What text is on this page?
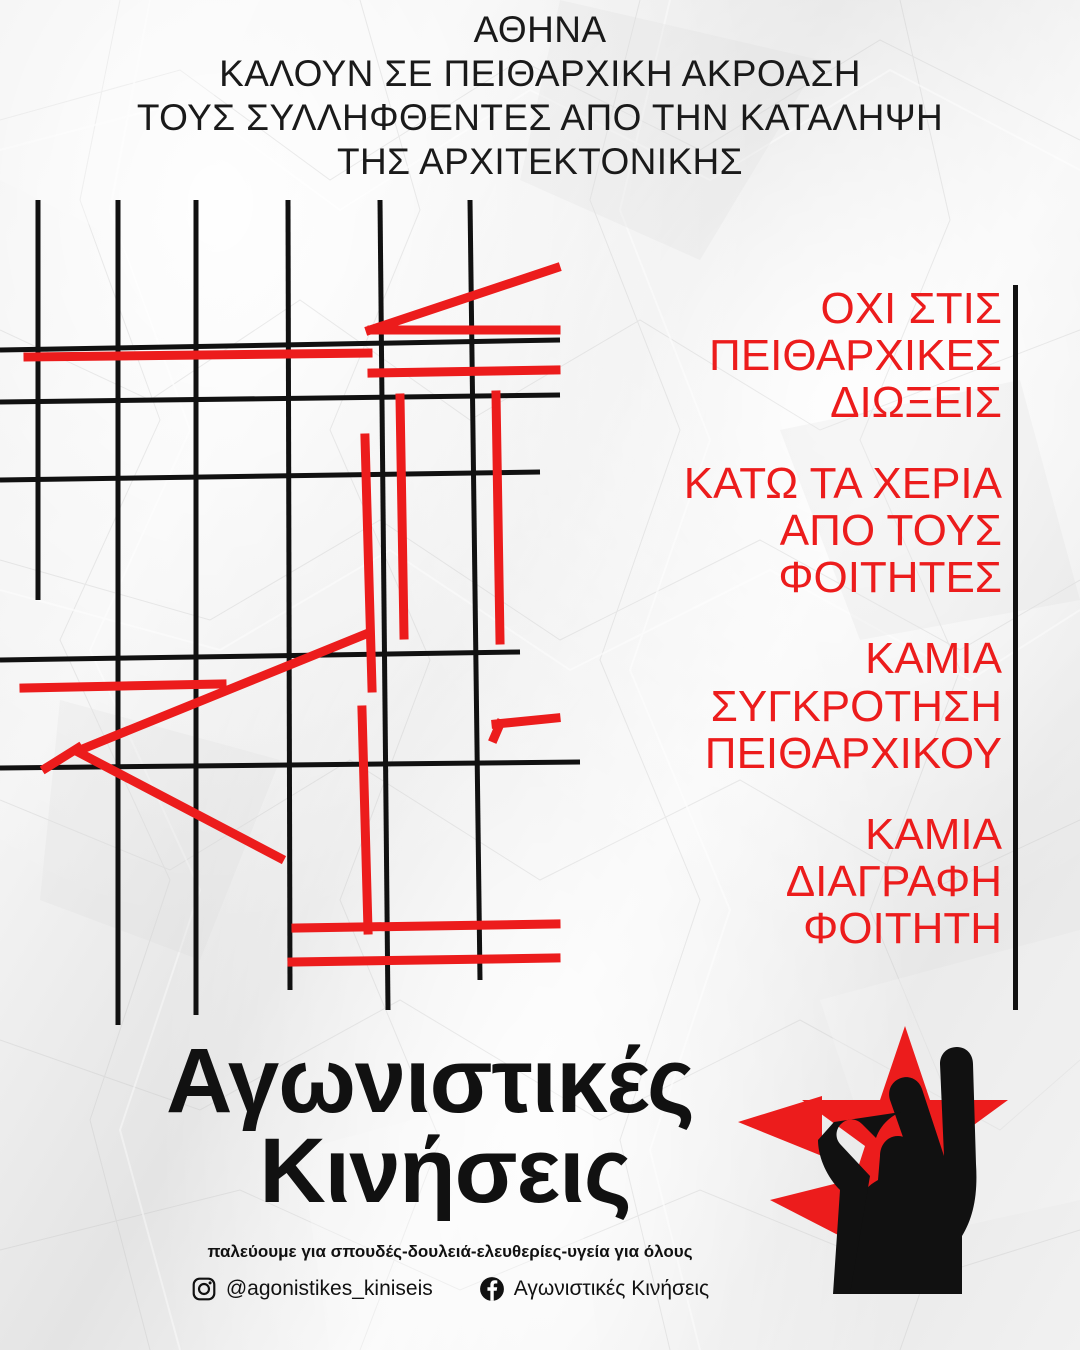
ΑΘΗΝΑ
ΚΑΛΟΥΝ ΣΕ ΠΕΙΘΑΡΧΙΚΗ ΑΚΡΟΑΣΗ
ΤΟΥΣ ΣΥΛΛΗΦΘΕΝΤΕΣ ΑΠΟ ΤΗΝ ΚΑΤΑΛΗΨΗ
ΤΗΣ ΑΡΧΙΤΕΚΤΟΝΙΚΗΣ
ΟΧΙ ΣΤΙΣ
ΠΕΙΘΑΡΧΙΚΕΣ
ΔΙΩΞΕΙΣ
ΚΑΤΩ ΤΑ ΧΕΡΙΑ
ΑΠΟ ΤΟΥΣ
ΦΟΙΤΗΤΕΣ
ΚΑΜΙΑ
ΣΥΓΚΡΟΤΗΣΗ
ΠΕΙΘΑΡΧΙΚΟΥ
ΚΑΜΙΑ
ΔΙΑΓΡΑΦΗ
ΦΟΙΤΗΤΗ
Αγωνιστικές
Κινήσεις
παλεύουμε για σπουδές-δουλειά-ελευθερίες-υγεία για όλους
@agonistikes_kiniseis	Αγωνιστικές Κινήσεις
